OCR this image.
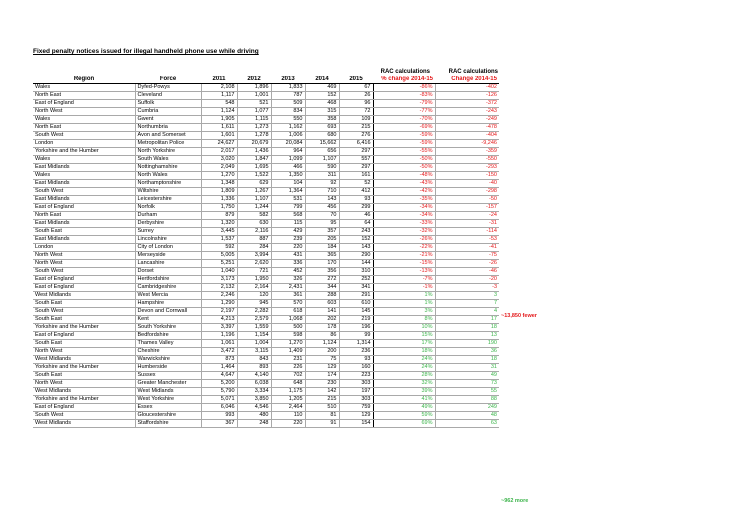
Fixed penalty notices issued for illegal handheld phone use while driving
RAC calculations	RAC calculations
Region	Force	2011	2012	2013	2014	2015	% change 2014-15	Change 2014-15
Wales	Dyfed-Powys	2,108	1,896	1,833	469	67	-86%	-402
North East	Cleveland	1,117	1,001	787	152	26	-83%	-126
East of England	Suffolk	548	521	509	468	96	-79%	-372
North West	Cumbria	1,124	1,077	834	315	72	-77%	-243
Wales	Gwent	1,905	1,115	550	358	109	-70%	-249
North East	Northumbria	1,611	1,273	1,162	693	215	-69%	-478
South West	Avon and Somerset	1,601	1,278	1,006	680	276	-59%	-404
London	Metropolitan Police	24,627	20,679	20,084	15,662	6,416	-59%	-9,246
Yorkshire and the Humber	North Yorkshire	2,017	1,436	964	656	297	-55%	-359
Wales	South Wales	3,020	1,847	1,099	1,107	557	-50%	-550
East Midlands	Nottinghamshire	2,049	1,695	466	590	297	-50%	-293
Wales	North Wales	1,270	1,522	1,350	311	161	-48%	-150
East Midlands	Northamptonshire	1,348	629	104	92	52	-43%	-40
South West	Wiltshire	1,809	1,267	1,364	710	412	-42%	-298
East Midlands	Leicestershire	1,336	1,107	531	143	93	-35%	-50
East of England	Norfolk	1,750	1,244	799	456	299	-34%	-157
North East	Durham	879	582	568	70	46	-34%	-24
East Midlands	Derbyshire	1,320	630	115	95	64	-33%	-31
South East	Surrey	3,445	2,116	429	357	243	-32%	-114
East Midlands	Lincolnshire	1,537	887	239	205	152	-26%	-53
London	City of London	592	284	220	184	143	-22%	-41
North West	Merseyside	5,005	3,994	431	365	290	-21%	-75
North West	Lancashire	5,251	2,620	336	170	144	-15%	-26
South West	Dorset	1,040	721	452	356	310	-13%	-46
East of England	Hertfordshire	3,173	1,950	326	272	252	-7%	-20
East of England	Cambridgeshire	2,132	2,164	2,431	344	341	-1%	-3
West Midlands	West Mercia	2,246	120	361	288	291	1%	3
South East	Hampshire	1,290	945	570	603	610	1%	7
South West	Devon and Cornwall	2,197	2,282	618	141	145	3%	4
South East	Kent	4,213	2,579	1,068	202	219	8%	17
Yorkshire and the Humber	South Yorkshire	3,397	1,559	500	178	196	10%	18
East of England	Bedfordshire	1,196	1,154	598	86	99	15%	13
South East	Thames Valley	1,061	1,004	1,270	1,124	1,314	17%	190
North West	Cheshire	3,472	3,115	1,409	200	236	18%	36
West Midlands	Warwickshire	873	843	231	75	93	24%	18
Yorkshire and the Humber	Humberside	1,464	893	226	129	160	24%	31
South East	Sussex	4,647	4,140	702	174	223	28%	49
North West	Greater Manchester	5,200	6,038	648	230	303	32%	73
West Midlands	West Midlands	5,790	3,334	1,175	142	197	39%	55
Yorkshire and the Humber	West Yorkshire	5,071	3,850	1,205	215	303	41%	88
East of England	Essex	6,046	4,546	2,464	510	759	49%	249
South West	Gloucestershire	993	480	110	81	129	59%	48
West Midlands	Staffordshire	367	248	220	91	154	69%	63
~13,850 fewer
~962 more
